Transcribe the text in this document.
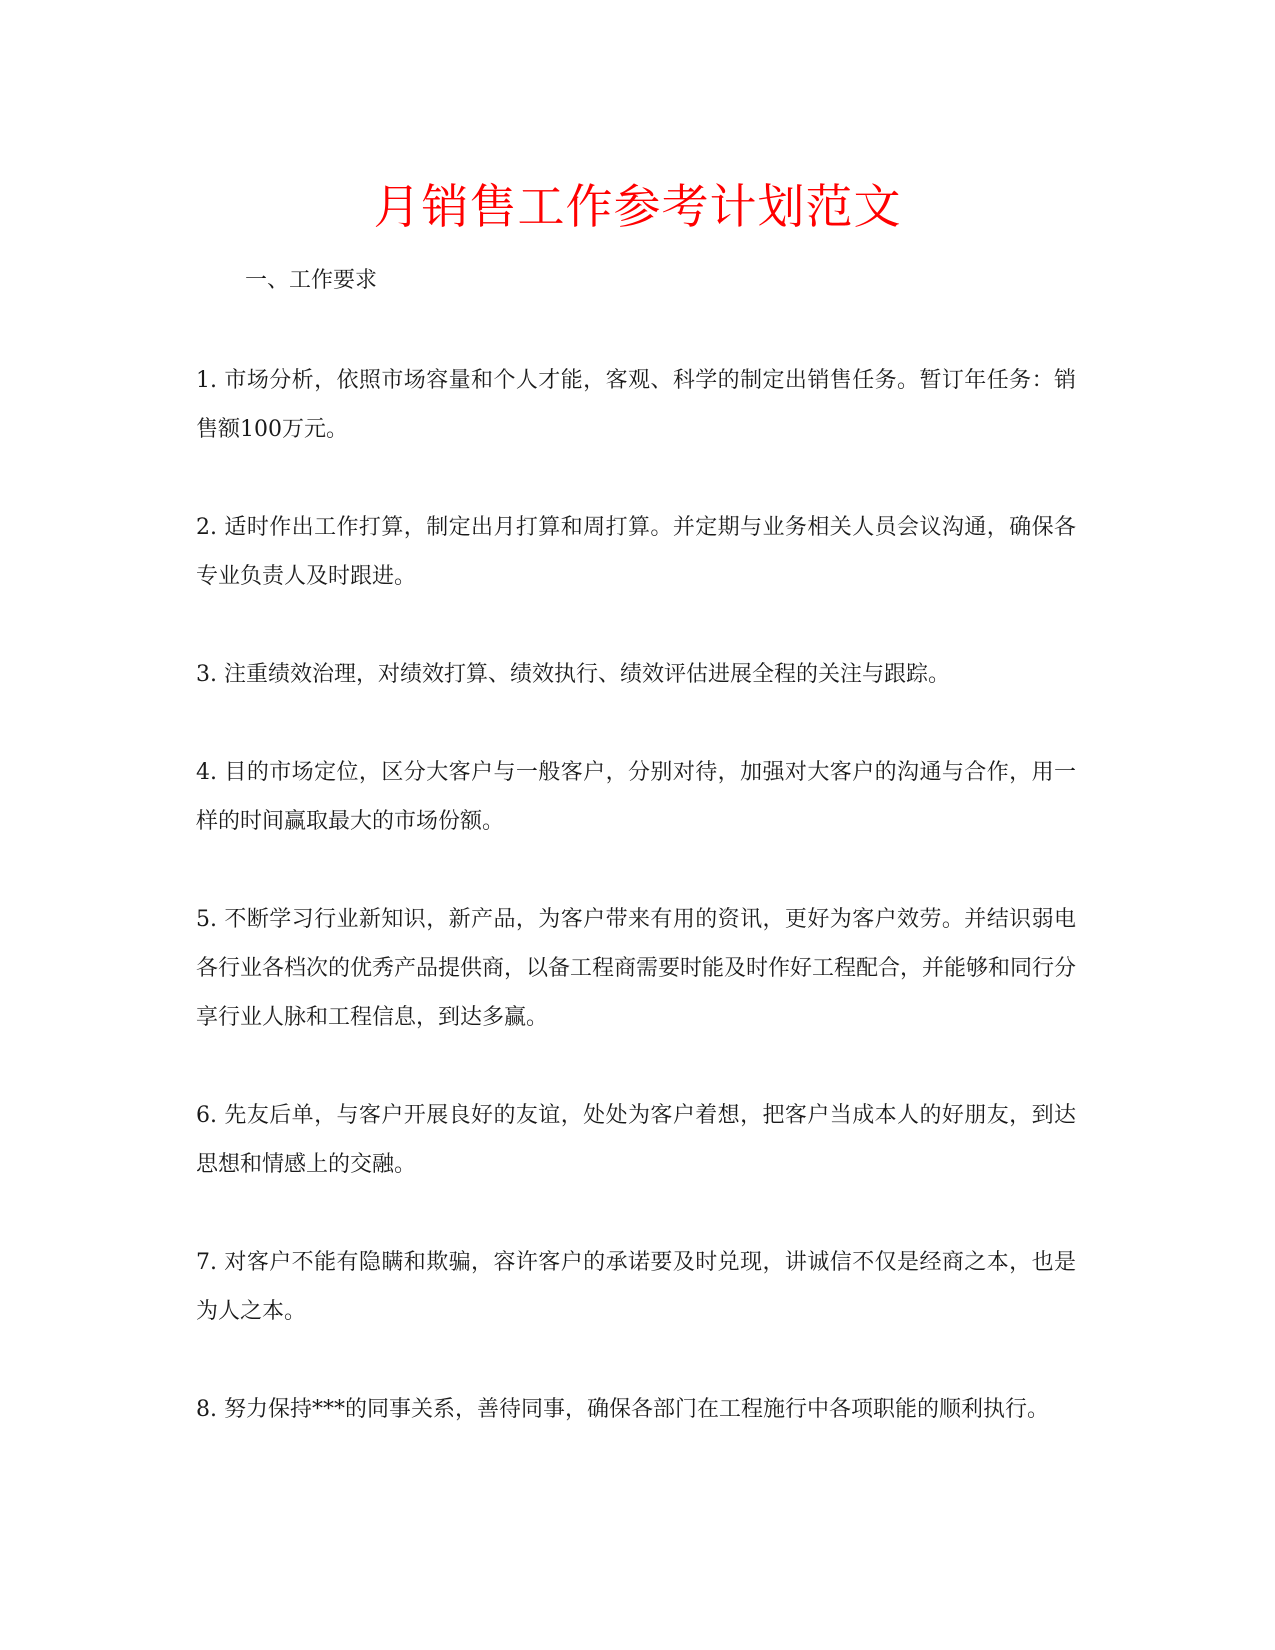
月销售工作参考计划范文
一、工作要求

1. 市场分析，依照市场容量和个人才能，客观、科学的制定出销售任务。暂订年任务：销售额100万元。

2. 适时作出工作打算，制定出月打算和周打算。并定期与业务相关人员会议沟通，确保各专业负责人及时跟进。

3. 注重绩效治理，对绩效打算、绩效执行、绩效评估进展全程的关注与跟踪。

4. 目的市场定位，区分大客户与一般客户，分别对待，加强对大客户的沟通与合作，用一样的时间赢取最大的市场份额。

5. 不断学习行业新知识，新产品，为客户带来有用的资讯，更好为客户效劳。并结识弱电各行业各档次的优秀产品提供商，以备工程商需要时能及时作好工程配合，并能够和同行分享行业人脉和工程信息，到达多赢。

6. 先友后单，与客户开展良好的友谊，处处为客户着想，把客户当成本人的好朋友，到达思想和情感上的交融。

7. 对客户不能有隐瞒和欺骗，容许客户的承诺要及时兑现，讲诚信不仅是经商之本，也是为人之本。

8. 努力保持***的同事关系，善待同事，确保各部门在工程施行中各项职能的顺利执行。
